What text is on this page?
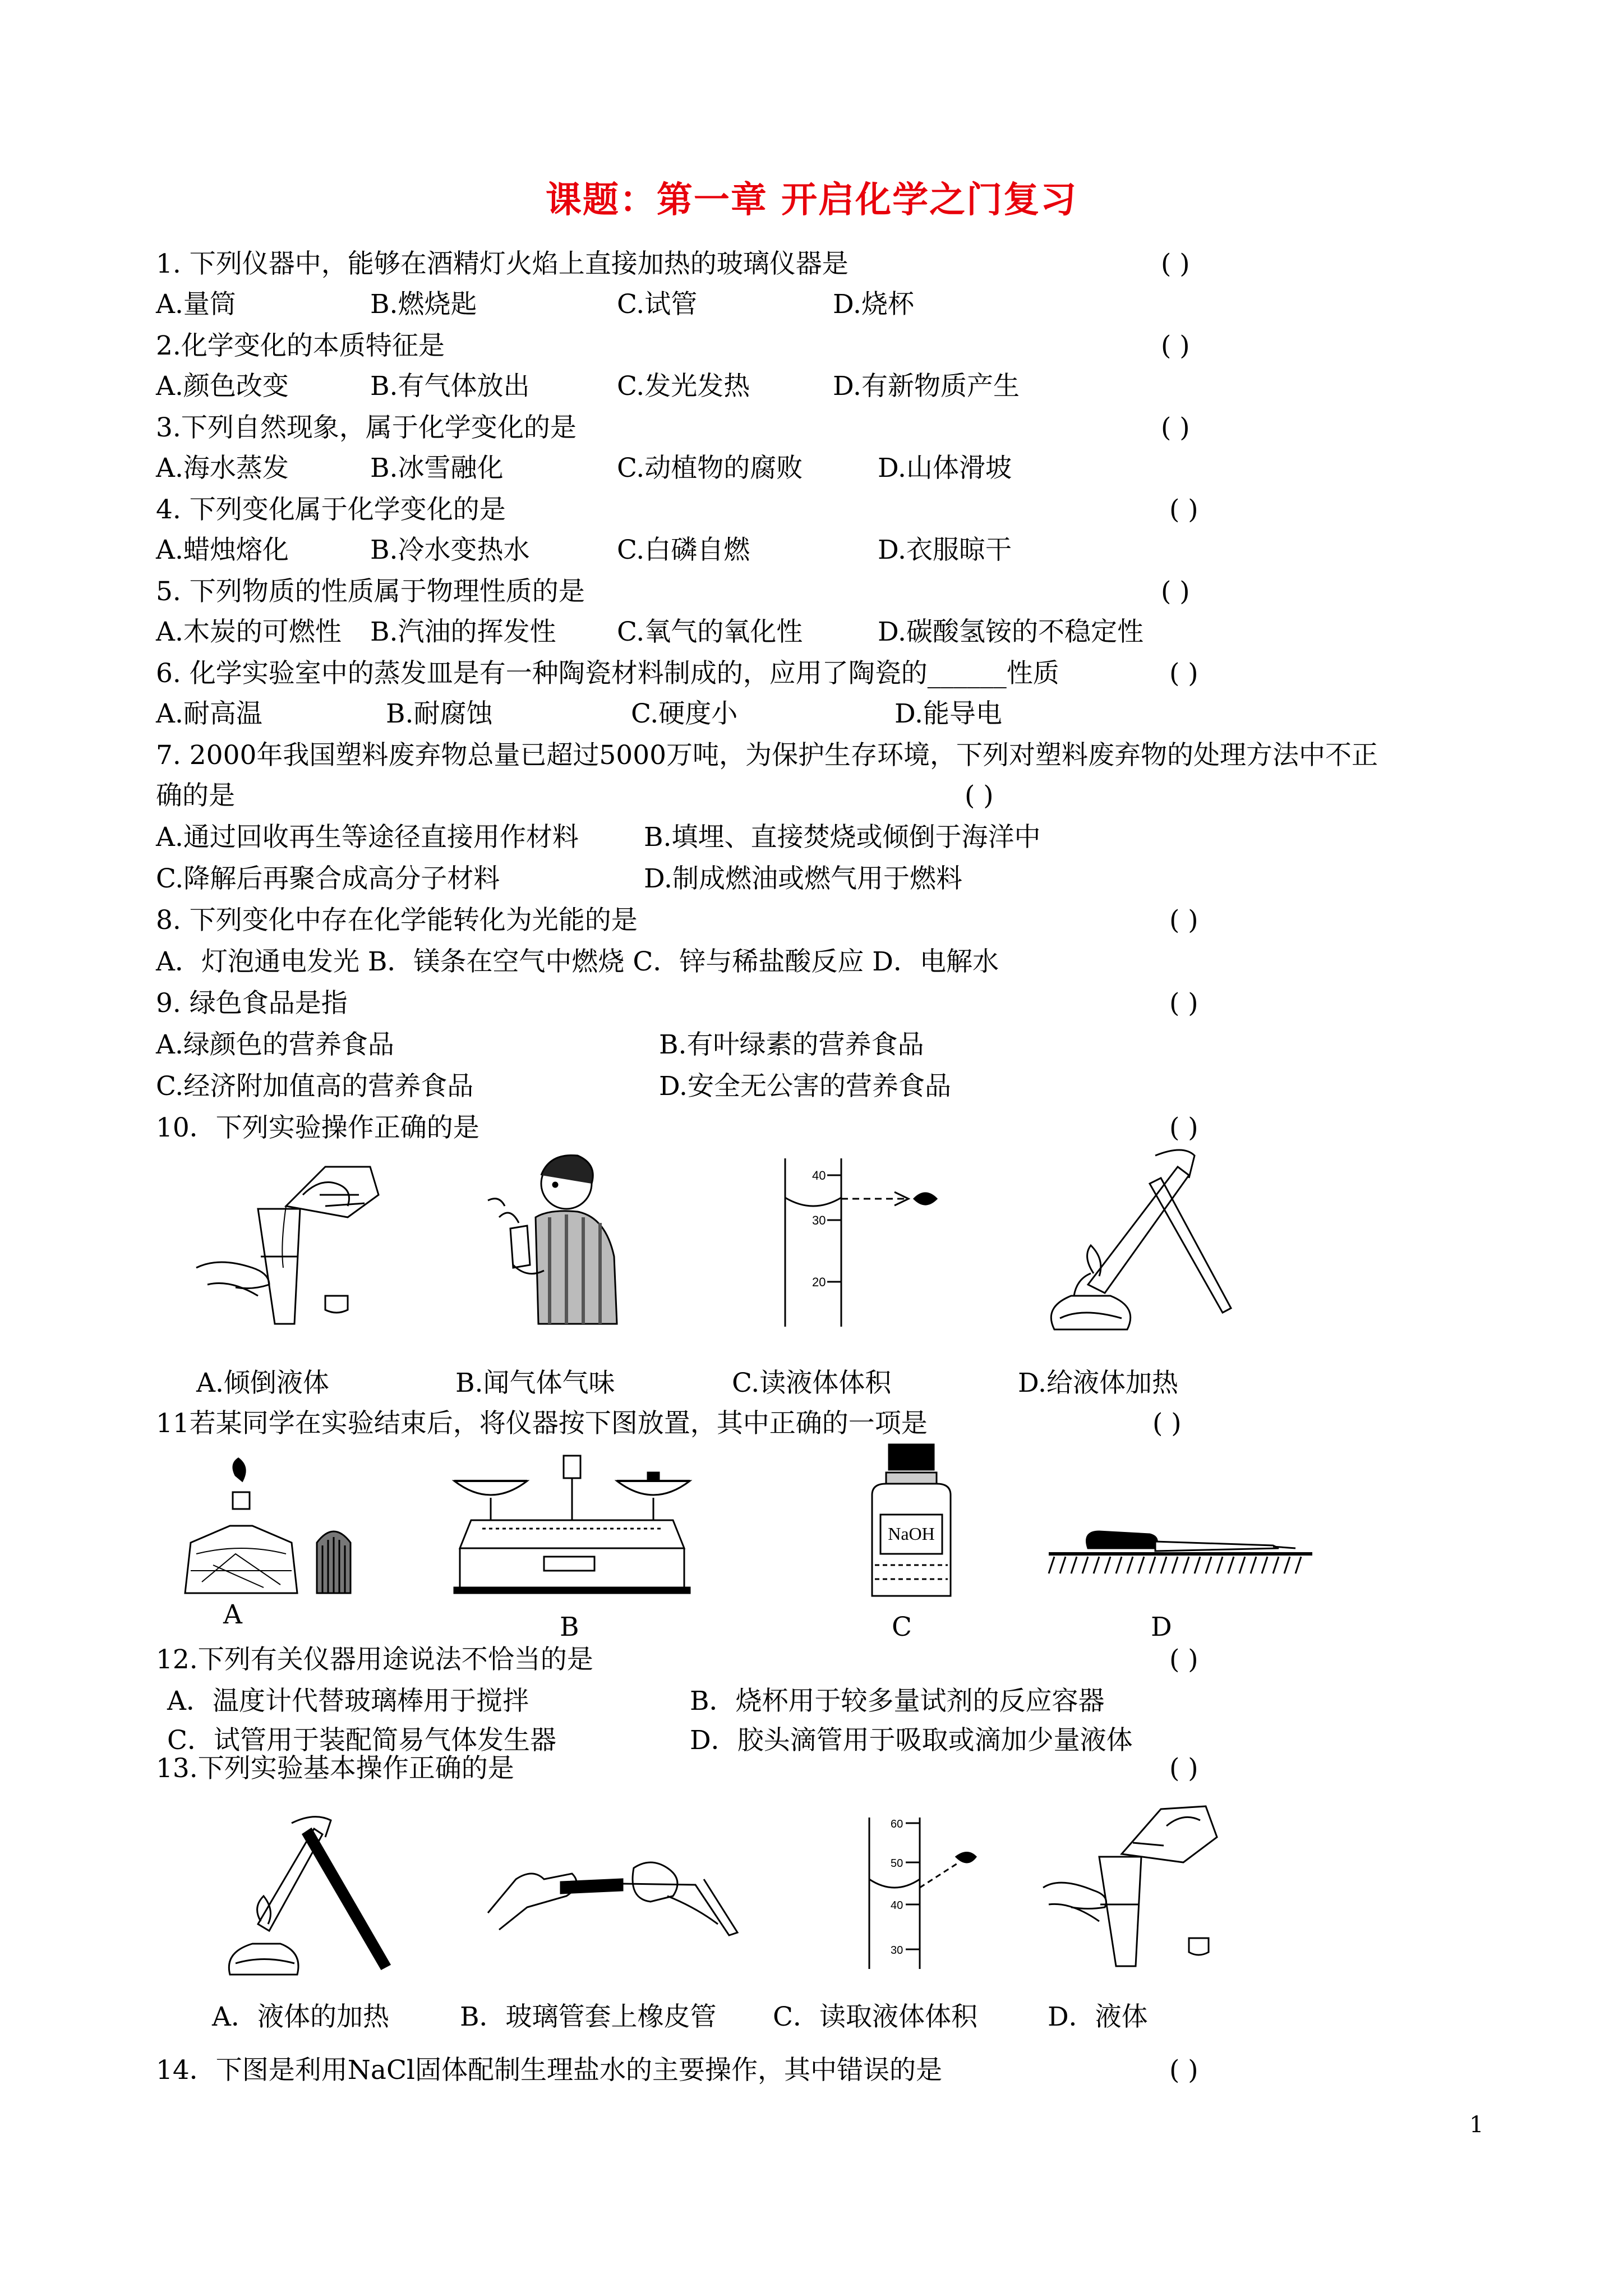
课题：第一章 开启化学之门复习
1. 下列仪器中，能够在酒精灯火焰上直接加热的玻璃仪器是	( )
A.量筒	B.燃烧匙	C.试管	D.烧杯
2.化学变化的本质特征是	( )
A.颜色改变	B.有气体放出	C.发光发热	D.有新物质产生
3.下列自然现象，属于化学变化的是	( )
A.海水蒸发	B.冰雪融化	C.动植物的腐败	D.山体滑坡
4. 下列变化属于化学变化的是	( )
A.蜡烛熔化	B.冷水变热水	C.白磷自燃	D.衣服晾干
5. 下列物质的性质属于物理性质的是	( )
A.木炭的可燃性 B.汽油的挥发性 C.氧气的氧化性	D.碳酸氢铵的不稳定性
6. 化学实验室中的蒸发皿是有一种陶瓷材料制成的，应用了陶瓷的______性质	( )
A.耐高温	B.耐腐蚀	C.硬度小	D.能导电
7. 2000年我国塑料废弃物总量已超过5000万吨，为保护生存环境，下列对塑料废弃物的处理方法中不正
确的是	( )
A.通过回收再生等途径直接用作材料 B.填埋、直接焚烧或倾倒于海洋中
C.降解后再聚合成高分子材料	D.制成燃油或燃气用于燃料
8. 下列变化中存在化学能转化为光能的是	( )
A．灯泡通电发光 B．镁条在空气中燃烧 C．锌与稀盐酸反应 D．电解水
9. 绿色食品是指	( )
A.绿颜色的营养食品	B.有叶绿素的营养食品
C.经济附加值高的营养食品	D.安全无公害的营养食品
10．下列实验操作正确的是	( )
40
30
20
A.倾倒液体	B.闻气体气味	C.读液体体积	D.给液体加热
11若某同学在实验结束后，将仪器按下图放置，其中正确的一项是	( )
NaOH
A	B	C	D
12.下列有关仪器用途说法不恰当的是	( )
A．温度计代替玻璃棒用于搅拌	B．烧杯用于较多量试剂的反应容器
C．试管用于装配简易气体发生器	D．胶头滴管用于吸取或滴加少量液体
13.下列实验基本操作正确的是	( )
60
50
40
30
A．液体的加热	B．玻璃管套上橡皮管 C．读取液体体积	D．液体
14．下图是利用NaCl固体配制生理盐水的主要操作，其中错误的是	( )
1
